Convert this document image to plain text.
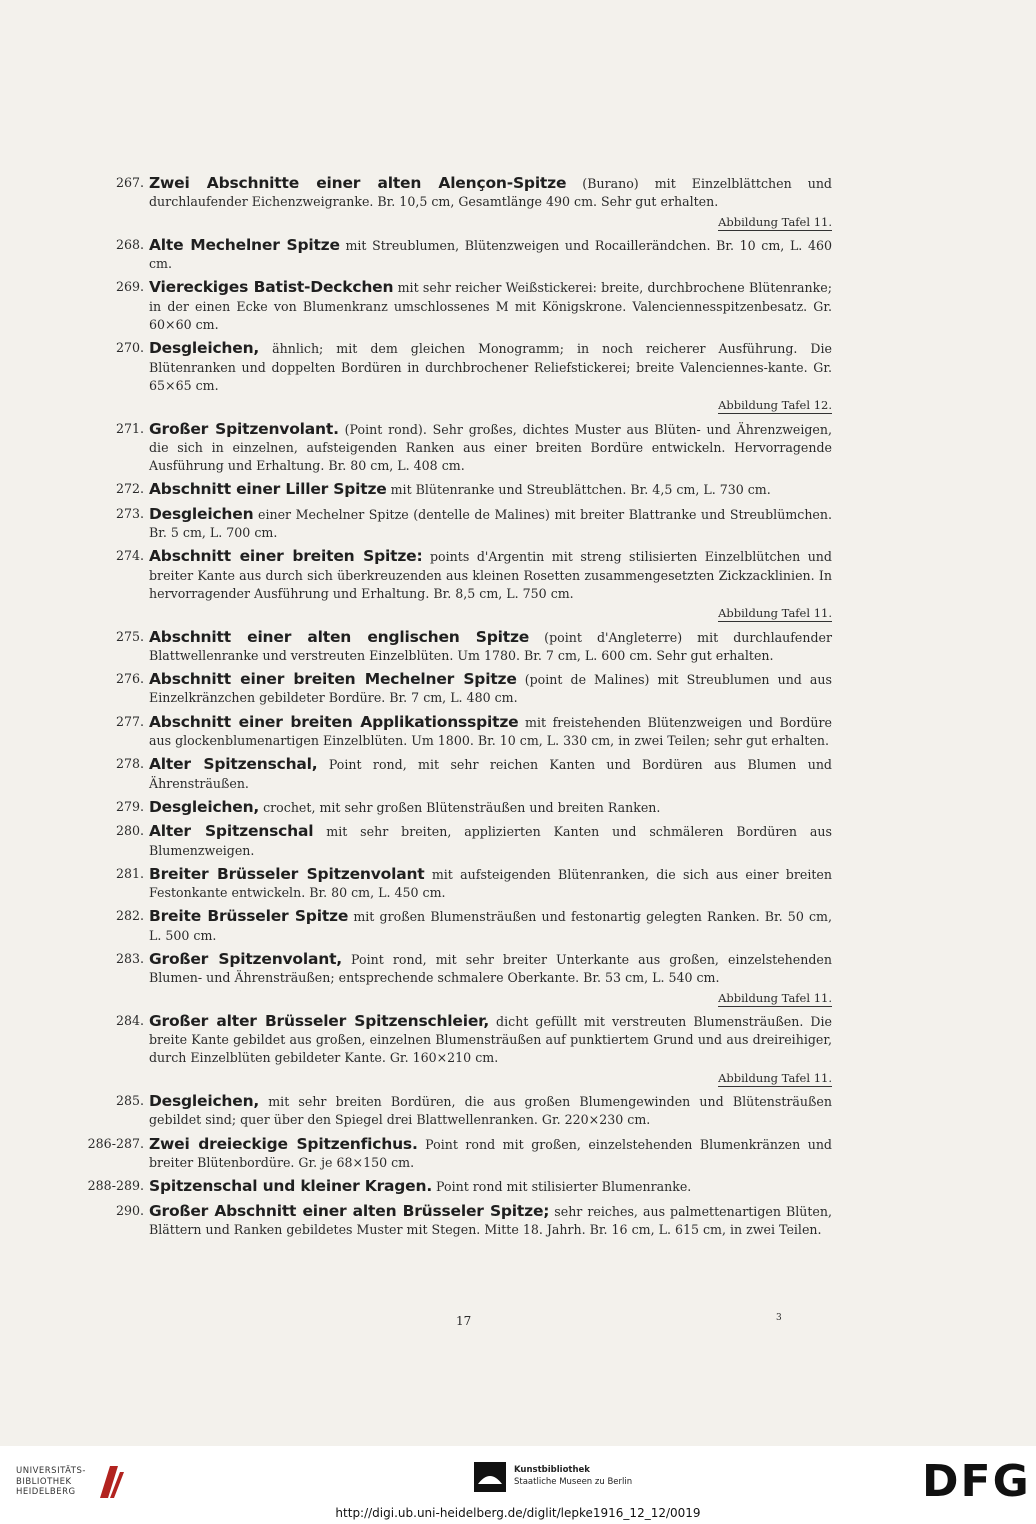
267. Zwei Abschnitte einer alten Alençon-Spitze (Burano) mit Einzelblättchen und durchlaufender Eichenzweigranke. Br. 10,5 cm, Gesamtlänge 490 cm. Sehr gut erhalten.
Abbildung Tafel 11.
268. Alte Mechelner Spitze mit Streublumen, Blütenzweigen und Rocaillerändchen. Br. 10 cm, L. 460 cm.
269. Viereckiges Batist-Deckchen mit sehr reicher Weißstickerei: breite, durchbrochene Blütenranke; in der einen Ecke von Blumenkranz umschlossenes M mit Königskrone. Valenciennesspitzenbesatz. Gr. 60×60 cm.
270. Desgleichen, ähnlich; mit dem gleichen Monogramm; in noch reicherer Ausführung. Die Blütenranken und doppelten Bordüren in durchbrochener Reliefstickerei; breite Valenciennes-kante. Gr. 65×65 cm.
Abbildung Tafel 12.
271. Großer Spitzenvolant. (Point rond). Sehr großes, dichtes Muster aus Blüten- und Ährenzweigen, die sich in einzelnen, aufsteigenden Ranken aus einer breiten Bordüre entwickeln. Hervorragende Ausführung und Erhaltung. Br. 80 cm, L. 408 cm.
272. Abschnitt einer Liller Spitze mit Blütenranke und Streublättchen. Br. 4,5 cm, L. 730 cm.
273. Desgleichen einer Mechelner Spitze (dentelle de Malines) mit breiter Blattranke und Streublümchen. Br. 5 cm, L. 700 cm.
274. Abschnitt einer breiten Spitze: points d'Argentin mit streng stilisierten Einzelblütchen und breiter Kante aus durch sich überkreuzenden aus kleinen Rosetten zusammengesetzten Zickzacklinien. In hervorragender Ausführung und Erhaltung. Br. 8,5 cm, L. 750 cm.
Abbildung Tafel 11.
275. Abschnitt einer alten englischen Spitze (point d'Angleterre) mit durchlaufender Blattwellenranke und verstreuten Einzelblüten. Um 1780. Br. 7 cm, L. 600 cm. Sehr gut erhalten.
276. Abschnitt einer breiten Mechelner Spitze (point de Malines) mit Streublumen und aus Einzelkränzchen gebildeter Bordüre. Br. 7 cm, L. 480 cm.
277. Abschnitt einer breiten Applikationsspitze mit freistehenden Blütenzweigen und Bordüre aus glockenblumenartigen Einzelblüten. Um 1800. Br. 10 cm, L. 330 cm, in zwei Teilen; sehr gut erhalten.
278. Alter Spitzenschal, Point rond, mit sehr reichen Kanten und Bordüren aus Blumen und Ährensträußen.
279. Desgleichen, crochet, mit sehr großen Blütensträußen und breiten Ranken.
280. Alter Spitzenschal mit sehr breiten, applizierten Kanten und schmäleren Bordüren aus Blumenzweigen.
281. Breiter Brüsseler Spitzenvolant mit aufsteigenden Blütenranken, die sich aus einer breiten Festonkante entwickeln. Br. 80 cm, L. 450 cm.
282. Breite Brüsseler Spitze mit großen Blumensträußen und festonartig gelegten Ranken. Br. 50 cm, L. 500 cm.
283. Großer Spitzenvolant, Point rond, mit sehr breiter Unterkante aus großen, einzelstehenden Blumen- und Ährensträußen; entsprechende schmalere Oberkante. Br. 53 cm, L. 540 cm.
Abbildung Tafel 11.
284. Großer alter Brüsseler Spitzenschleier, dicht gefüllt mit verstreuten Blumensträußen. Die breite Kante gebildet aus großen, einzelnen Blumensträußen auf punktiertem Grund und aus dreireihiger, durch Einzelblüten gebildeter Kante. Gr. 160×210 cm.
Abbildung Tafel 11.
285. Desgleichen, mit sehr breiten Bordüren, die aus großen Blumengewinden und Blütensträußen gebildet sind; quer über den Spiegel drei Blattwellenranken. Gr. 220×230 cm.
286-287. Zwei dreieckige Spitzenfichus. Point rond mit großen, einzelstehenden Blumenkränzen und breiter Blütenbordüre. Gr. je 68×150 cm.
288-289. Spitzenschal und kleiner Kragen. Point rond mit stilisierter Blumenranke.
290. Großer Abschnitt einer alten Brüsseler Spitze; sehr reiches, aus palmettenartigen Blüten, Blättern und Ranken gebildetes Muster mit Stegen. Mitte 18. Jahrh. Br. 16 cm, L. 615 cm, in zwei Teilen.
17	3
UNIVERSITÄTS-
BIBLIOTHEK
HEIDELBERG
Kunstbibliothek
Staatliche Museen zu Berlin	DFG
http://digi.ub.uni-heidelberg.de/diglit/lepke1916_12_12/0019
